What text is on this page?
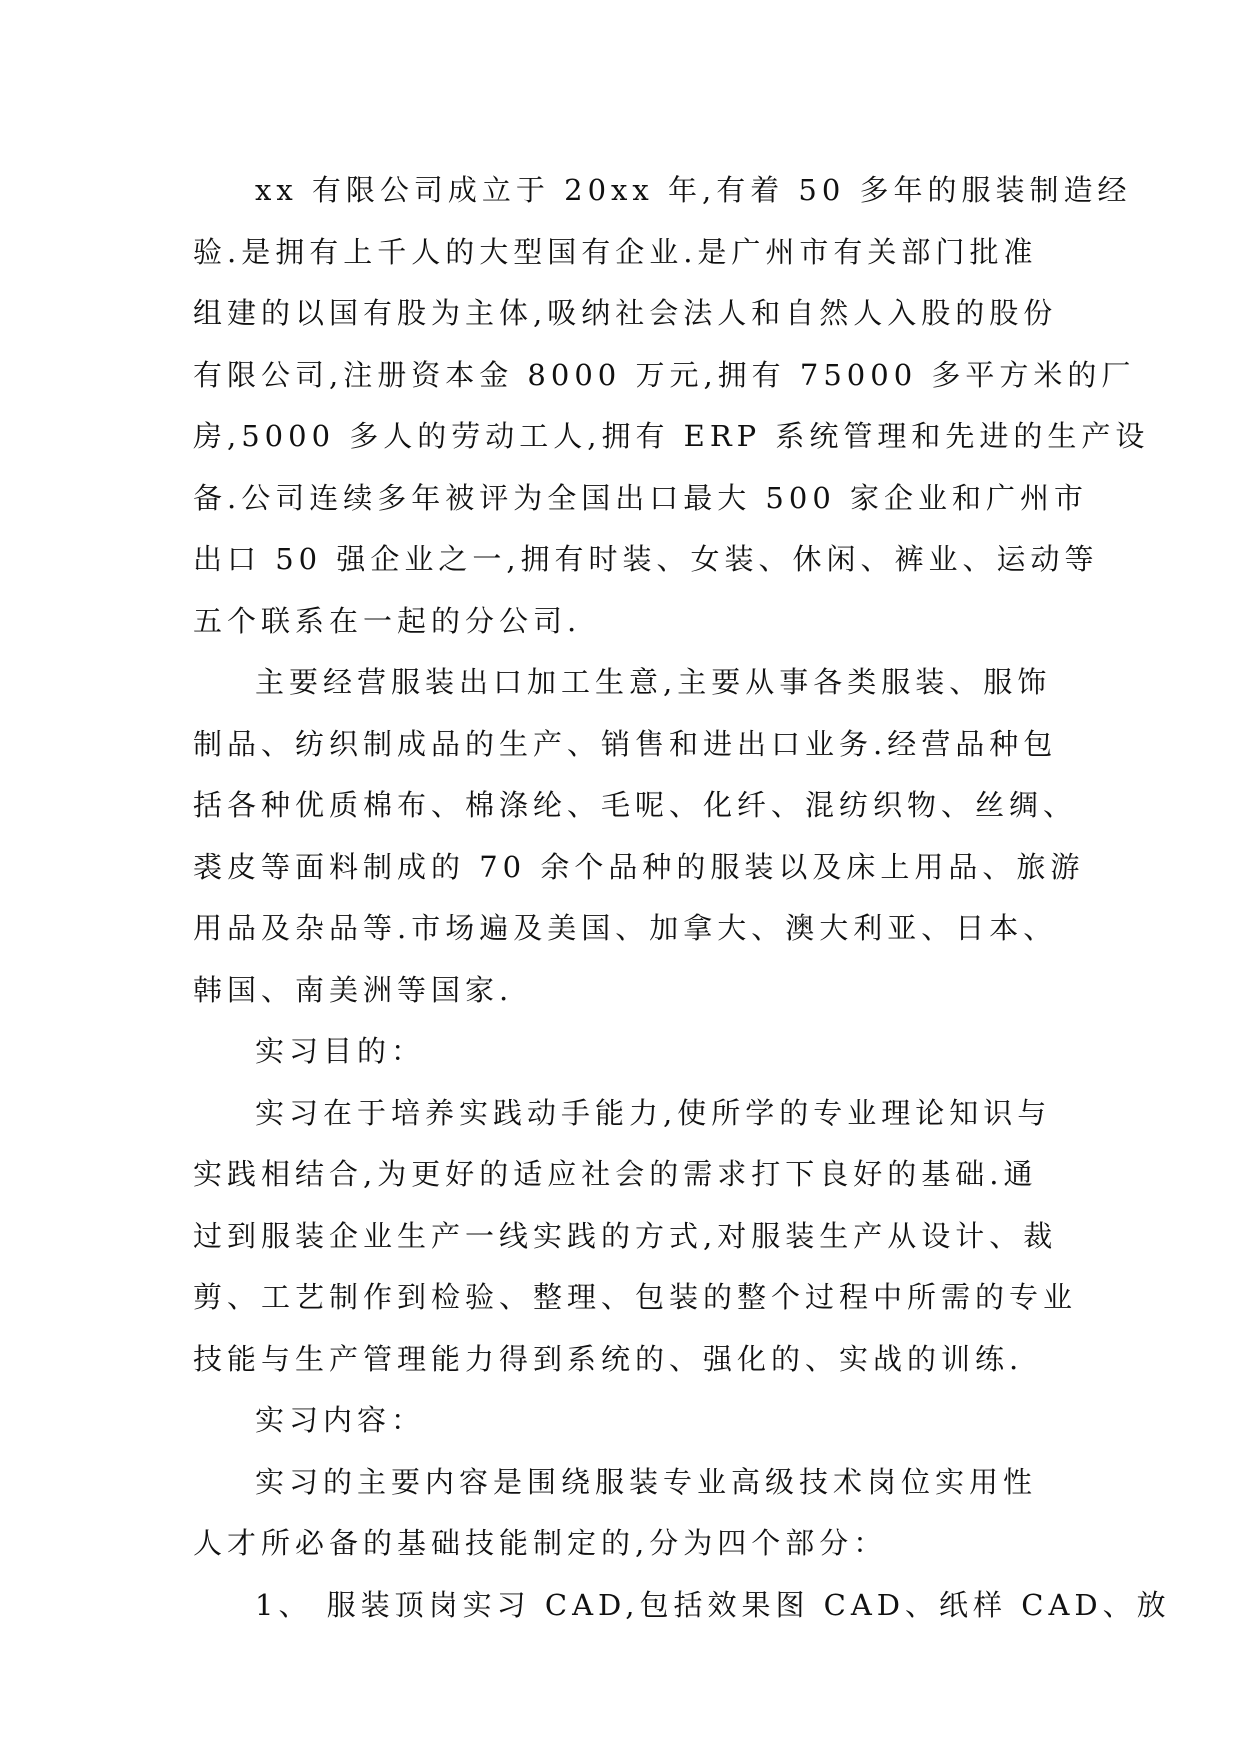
xx 有限公司成立于 20xx 年,有着 50 多年的服装制造经
验.是拥有上千人的大型国有企业.是广州市有关部门批准
组建的以国有股为主体,吸纳社会法人和自然人入股的股份
有限公司,注册资本金 8000 万元,拥有 75000 多平方米的厂
房,5000 多人的劳动工人,拥有 ERP 系统管理和先进的生产设
备.公司连续多年被评为全国出口最大 500 家企业和广州市
出口 50 强企业之一,拥有时装、女装、休闲、裤业、运动等
五个联系在一起的分公司.
主要经营服装出口加工生意,主要从事各类服装、服饰
制品、纺织制成品的生产、销售和进出口业务.经营品种包
括各种优质棉布、棉涤纶、毛呢、化纤、混纺织物、丝绸、
裘皮等面料制成的 70 余个品种的服装以及床上用品、旅游
用品及杂品等.市场遍及美国、加拿大、澳大利亚、日本、
韩国、南美洲等国家.
实习目的：
实习在于培养实践动手能力,使所学的专业理论知识与
实践相结合,为更好的适应社会的需求打下良好的基础.通
过到服装企业生产一线实践的方式,对服装生产从设计、裁
剪、工艺制作到检验、整理、包装的整个过程中所需的专业
技能与生产管理能力得到系统的、强化的、实战的训练.
实习内容：
实习的主要内容是围绕服装专业高级技术岗位实用性
人才所必备的基础技能制定的,分为四个部分：
1、 服装顶岗实习 CAD,包括效果图 CAD、纸样 CAD、放
